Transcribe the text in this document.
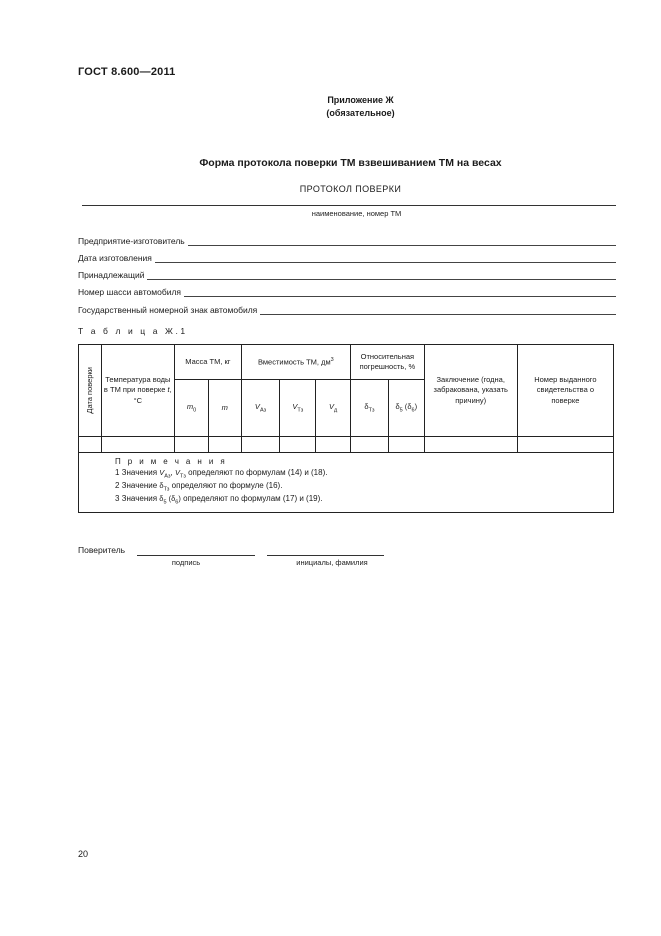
ГОСТ 8.600—2011
Приложение Ж
(обязательное)
Форма протокола поверки ТМ взвешиванием ТМ на весах
ПРОТОКОЛ ПОВЕРКИ
наименование, номер ТМ
Предприятие-изготовитель
Дата изготовления
Принадлежащий
Номер шасси автомобиля
Государственный номерной знак автомобиля
Т а б л и ц а Ж.1
Дата поверки	Температура воды в ТМ при поверке t, °С	Масса ТМ, кг		Вместимость ТМ, $дм^3$			Относительная погрешность, %		Заключение (годна, забракована, указать причину)	Номер выданного свидетельства о поверке
		$m_0$	m	$V_{Аз}$	$V_{Тз}$	$V_д$	$\delta_{Тз}$	$\delta_5$ $(\delta_6)$		

П р и м е ч а н и я
1 Значения $V_{Аз}$, $V_{Тз}$ определяют по формулам (14) и (18).
2 Значение $\delta_{Тз}$ определяют по формуле (16).
3 Значения $\delta_5$ $(\delta_6)$ определяют по формулам (17) и (19).										
Поверитель
подпись	инициалы, фамилия
20
